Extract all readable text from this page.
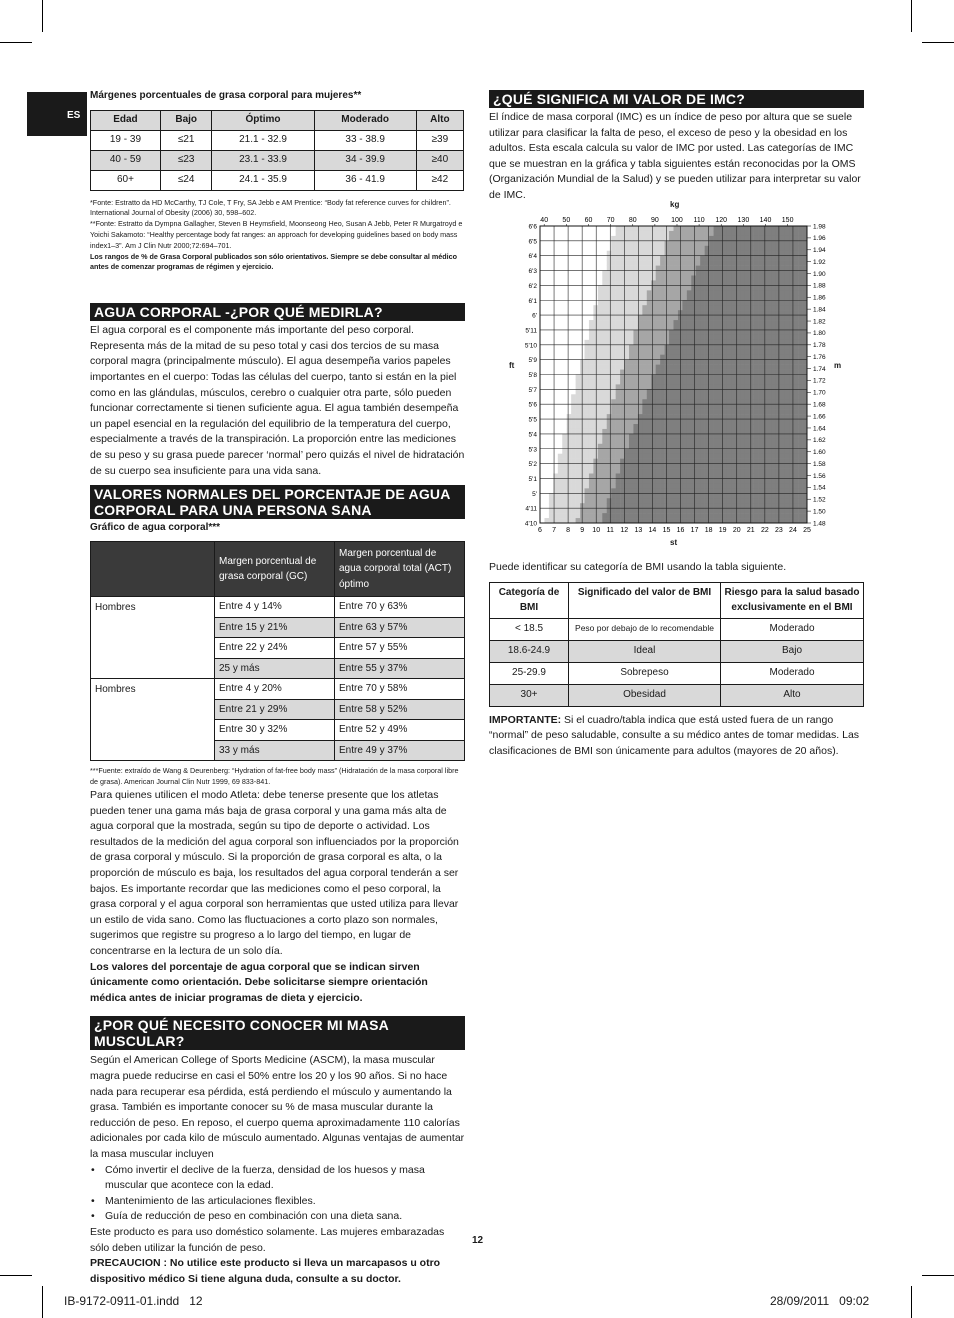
ES
Márgenes porcentuales de grasa corporal para mujeres**
Edad	Bajo	Óptimo	Moderado	Alto
19 - 39	≤21	21.1 - 32.9	33 - 38.9	≥39
40 - 59	≤23	23.1 - 33.9	34 - 39.9	≥40
60+	≤24	24.1 - 35.9	36 - 41.9	≥42

*Fonte: Estratto da HD McCarthy, TJ Cole, T Fry, SA Jebb e AM Prentice: “Body fat reference curves for children”. International Journal of Obesity (2006) 30, 598–602.

**Fonte: Estratto da Dympna Gallagher, Steven B Heymsfield, Moonseong Heo, Susan A Jebb, Peter R Murgatroyd e Yoichi Sakamoto: “Healthy percentage body fat ranges: an approach for developing guidelines based on body mass index1–3”. Am J Clin Nutr 2000;72:694–701.

Los rangos de % de Grasa Corporal publicados son sólo orientativos. Siempre se debe consultar al médico antes de comenzar programas de régimen y ejercicio.

AGUA CORPORAL -¿POR QUÉ MEDIRLA?

El agua corporal es el componente más importante del peso corporal. Representa más de la mitad de su peso total y casi dos tercios de su masa corporal magra (principalmente músculo). El agua desempeña varios papeles importantes en el cuerpo: Todas las células del cuerpo, tanto si están en la piel como en las glándulas, músculos, cerebro o cualquier otra parte, sólo pueden funcionar correctamente si tienen suficiente agua. El agua también desempeña un papel esencial en la regulación del equilibrio de la temperatura del cuerpo, especialmente a través de la transpiración. La proporción entre las mediciones de su peso y su grasa puede parecer ‘normal’ pero quizás el nivel de hidratación de su cuerpo sea insuficiente para una vida sana.

VALORES NORMALES DEL PORCENTAJE DE AGUA CORPORAL PARA UNA PERSONA SANA
Gráfico de agua corporal***
	Margen porcentual de grasa corporal (GC)	Margen porcentual de agua corporal total (ACT) óptimo
Hombres	Entre 4 y 14%	Entre 70 y 63%
	Entre 15 y 21%	Entre 63 y 57%
	Entre 22 y 24%	Entre 57 y 55%
	25 y más	Entre 55 y 37%
Hombres	Entre 4 y 20%	Entre 70 y 58%
	Entre 21 y 29%	Entre 58 y 52%
	Entre 30 y 32%	Entre 52 y 49%
	33 y más	Entre 49 y 37%
***Fuente: extraído de Wang & Deurenberg: “Hydration of fat-free body mass” (Hidratación de la masa corporal libre de grasa). American Journal Clin Nutr 1999, 69 833-841.

Para quienes utilicen el modo Atleta: debe tenerse presente que los atletas pueden tener una gama más baja de grasa corporal y una gama más alta de agua corporal que la mostrada, según su tipo de deporte o actividad. Los resultados de la medición del agua corporal son influenciados por la proporción de grasa corporal y músculo. Si la proporción de grasa corporal es alta, o la proporción de músculo es baja, los resultados del agua corporal tenderán a ser bajos. Es importante recordar que las mediciones como el peso corporal, la grasa corporal y el agua corporal son herramientas que usted utiliza para llevar un estilo de vida sano. Como las fluctuaciones a corto plazo son normales, sugerimos que registre su progreso a lo largo del tiempo, en lugar de concentrarse en la lectura de un solo día.

Los valores del porcentaje de agua corporal que se indican sirven únicamente como orientación. Debe solicitarse siempre orientación médica antes de iniciar programas de dieta y ejercicio.

¿POR QUÉ NECESITO CONOCER MI MASA MUSCULAR?

Según el American College of Sports Medicine (ASCM), la masa muscular magra puede reducirse en casi el 50% entre los 20 y los 90 años. Si no hace nada para recuperar esa pérdida, está perdiendo el músculo y aumentando la grasa. También es importante conocer su % de masa muscular durante la reducción de peso. En reposo, el cuerpo quema aproximadamente 110 calorías adicionales por cada kilo de músculo aumentado. Algunas ventajas de aumentar la masa muscular incluyen

• Cómo invertir el declive de la fuerza, densidad de los huesos y masa muscular que acontece con la edad.
• Mantenimiento de las articulaciones flexibles.
• Guía de reducción de peso en combinación con una dieta sana.

Este producto es para uso doméstico solamente. Las mujeres embarazadas sólo deben utilizar la función de peso.

PRECAUCION : No utilice este producto si lleva un marcapasos u otro dispositivo médico Si tiene alguna duda, consulte a su doctor.

¿QUÉ SIGNIFICA MI VALOR DE IMC?

El índice de masa corporal (IMC) es un índice de peso por altura que se suele utilizar para clasificar la falta de peso, el exceso de peso y la obesidad en los adultos. Esta escala calcula su valor de IMC por usted. Las categorías de IMC que se muestran en la gráfica y tabla siguientes están reconocidas por la OMS (Organización Mundial de la Salud) y se pueden utilizar para interpretar su valor de IMC.

kg
st
ft	m
6 7 8 9 10 11 12 13 14 15 16 17 18 19 20 21 22 23 24 25
40 50 60 70 80 90 100 110 120 130 140 150
6'6
6'5
6'4
6'3
6'2
6'1
6'
5'11
5'10
5'9
5'8
5'7
5'6
5'5
5'4
5'3
5'2
5'1
5'
4'11
4'10
1.98
1.96
1.94
1.92
1.90
1.88
1.86
1.84
1.82
1.80
1.78
1.76
1.74
1.72
1.70
1.68
1.66
1.64
1.62
1.60
1.58
1.56
1.54
1.52
1.50
1.48

Puede identificar su categoría de BMI usando la tabla siguiente.

Categoría de BMI	Significado del valor de BMI	Riesgo para la salud basado exclusivamente en el BMI
< 18.5	Peso por debajo de lo recomendable	Moderado
18.6-24.9	Ideal	Bajo
25-29.9	Sobrepeso	Moderado
30+	Obesidad	Alto

IMPORTANTE: Si el cuadro/tabla indica que está usted fuera de un rango “normal” de peso saludable, consulte a su médico antes de tomar medidas. Las clasificaciones de BMI son únicamente para adultos (mayores de 20 años).

12
IB-9172-0911-01.indd   12	28/09/2011   09:02
